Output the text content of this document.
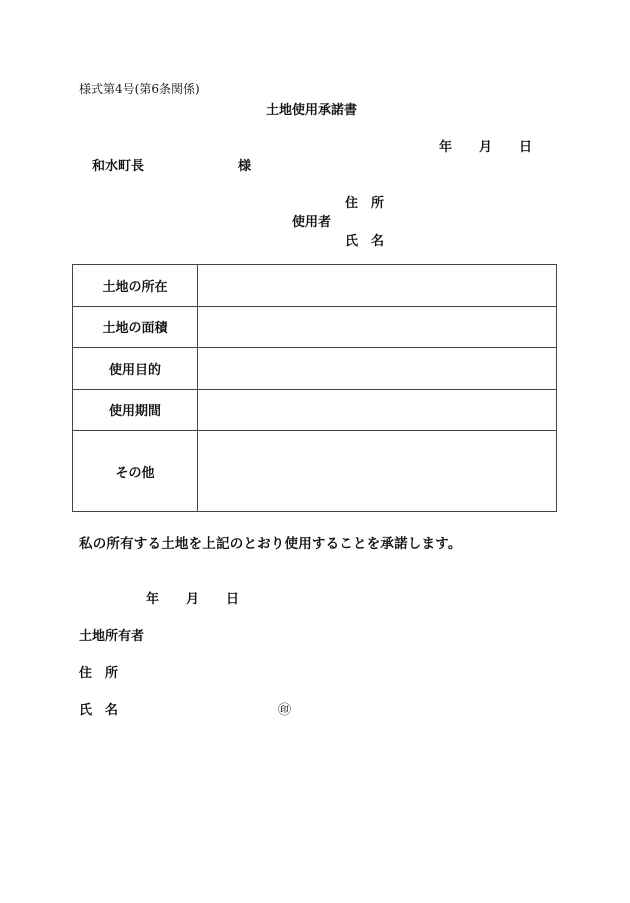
様式第4号(第6条関係)
土地使用承諾書
年 月 日
和水町長	様
住　所
使用者
氏　名
土地の所在	
土地の面積	
使用目的	
使用期間	
その他	
私の所有する土地を上記のとおり使用することを承諾します。
年 月 日
土地所有者
住　所
氏　名	㊞
